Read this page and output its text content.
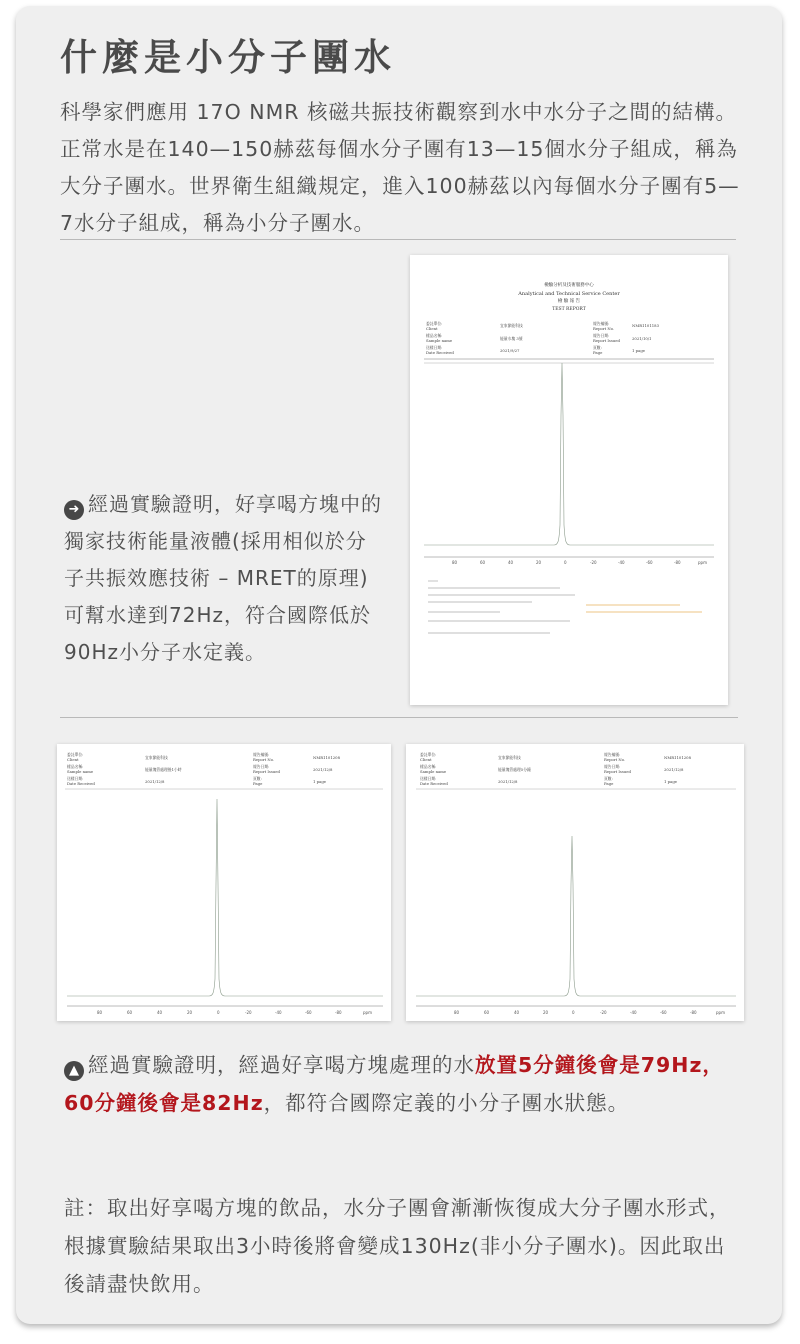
什麼是小分子團水

科學家們應用 17O NMR 核磁共振技術觀察到水中水分子之間的結構。正常水是在140—150赫茲每個水分子團有13—15個水分子組成，稱為大分子團水。世界衛生組織規定，進入100赫茲以內每個水分子團有5—7水分子組成，稱為小分子團水。

檢驗分析及技術服務中心
Analytical and Technical Service Center
檢 驗 報 告
TEST REPORT
委託單位:
Client
宜家節能科技
樣品名稱:
Sample name	能量水塊 3號
送樣日期:
Date Received	2021/9/27
報告編號:
Report No.
NMR1101183
報告日期:
Report Issued	2021/10/1
頁數:
Page	1 page
80	60	40	20	0	-20	-40	-60	-80	ppm

➜ 經過實驗證明，好享喝方塊中的獨家技術能量液體(採用相似於分子共振效應技術 – MRET的原理)可幫水達到72Hz，符合國際低於90Hz小分子水定義。

委託單位:
Client	宜家節能科技
樣品名稱:
Sample name	能量塊管處理後1小時
送樣日期:
Date Received	2021/12/8
報告編號:
Report No.	NMR1101208
報告日期:
Report Issued	2021/12/8
頁數:
Page	1 page
80	60	40	20	0	-20	-40	-60	-80	ppm
委託單位:
Client	宜家節能科技
樣品名稱:
Sample name	能量塊管處理5分鐘
送樣日期:
Date Received	2021/12/8
報告編號:
Report No.	NMR1101208
報告日期:
Report Issued	2021/12/8
頁數:
Page	1 page
80	60	40	20	0	-20	-40	-60	-80	ppm

▲ 經過實驗證明，經過好享喝方塊處理的水放置5分鐘後會是79Hz，60分鐘後會是82Hz，都符合國際定義的小分子團水狀態。

註：取出好享喝方塊的飲品，水分子團會漸漸恢復成大分子團水形式，根據實驗結果取出3小時後將會變成130Hz(非小分子團水)。因此取出後請盡快飲用。
